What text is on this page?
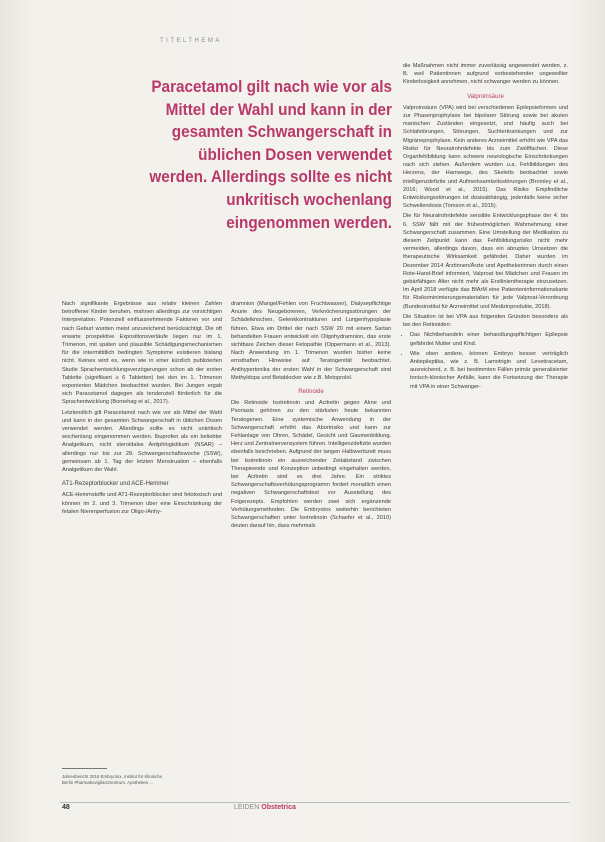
TITELTHEMA
Paracetamol gilt nach wie vor als Mittel der Wahl und kann in der gesamten Schwangerschaft in üblichen Dosen verwendet werden. Allerdings sollte es nicht unkritisch wochenlang eingenommen werden.

Nach signifikante Ergebnisse aus relativ kleinen Zahlen betroffener Kinder beruhen, mahnen allerdings zur vorsichtigen Interpretation. Potenziell einflussnehmende Faktoren vor und nach Geburt wurden meist unzureichend berücksichtigt. Die oft erwarte prospektive Expositionsverläufe liegen nur im 1. Trimenon, mit späten und plausible Schädigungsmechanismen für die intermittitlich bedingten Symptome existieren bislang nicht. Keines wird es, wenn wie in einer kürzlich publizierten Studie Sprachentwicklungsverzögerungen schon ab der ersten Tablette (signifikant ≥ 6 Tabletten) bei den im 1. Trimenon exponierten Mädchen beobachtet wurden. Bei Jungen ergab sich Paracetamol dagegen als tendenziell förderlich für die Sprachentwicklung (Bornehag et al., 2017).

Letztendlich gilt Paracetamol nach wie vor als Mittel der Wahl und kann in der gesamten Schwangerschaft in üblichen Dosen verwendet werden. Allerdings sollte es nicht unkritisch wochenlang eingenommen werden. Ibuprofen als ein beliebter Analgetikum, nicht steroidales Antiphlogistikum (NSAR) – allerdings nur bis zur 28. Schwangerschaftswoche (SSW), gemeinsam ab 1. Tag der letzten Menstruation – ebenfalls Analgetikum der Wahl.

AT1-Rezeptorblocker und ACE-Hemmer

ACE-Hemmstoffe und AT1-Rezeptorblocker sind fetotoxisch und können im 2. und 3. Trimenon über eine Einschränkung der fetalen Nierenperfusion zur Oligo-/Anhy-

dramnion (Mangel/Fehlen von Fruchtwasser), Dialysepflichtige Anurie des Neugeborenen, Verknöcherungsstörungen der Schädelknochen, Gelenkkontrakturen und Lungenhypoplasie führen. Etwa ein Drittel der nach SSW 20 mit einem Sartan behandelten Frauen entwickelt ein Oligohydramnion, das erste sichtbare Zeichen dieser Fetopathie (Oppermann et al., 2013). Nach Anwendung im 1. Trimenon wurden bisher keine ernsthaften Hinweise auf Teratogenität beobachtet. Antihypertonika der ersten Wahl in der Schwangerschaft sind Methyldopa und Betablocker wie z.B. Metoprolol.

Retinoide

Die Retinoide Isotretinoin und Acitretin gegen Akne und Psoriasis gehören zu den stärksten heute bekannten Teratogenen. Eine systemische Anwendung in der Schwangerschaft erhöht das Abortrisiko und kann zur Fehlanlage von Ohren, Schädel, Gesicht und Gaumenbildung, Herz und Zentralnervensystem führen. Intelligenzdefizite wurden ebenfalls beschrieben. Aufgrund der langen Halbwertszeit muss bei Isotretinoin ein ausreichender Zeitabstand zwischen Therapieende und Konzeption unbedingt eingehalten werden, bei Acitretin sind es drei Jahre. Ein striktes Schwangerschaftsverhütungsprogramm fordert monatlich einen negativen Schwangerschaftstest vor Ausstellung des Folgerezepts. Empfohlen werden zwei sich ergänzende Verhütungsmethoden. Die Embryotox weiterhin berichteten Schwangerschaften unter Isotretinoin (Schaefer et al., 2010) deuten darauf hin, dass mehrmals

die Maßnahmen nicht immer zuverlässig angewendet werden, z. B. weil Patientinnen aufgrund vorbestehender ungewollter Kinderlosigkeit annehmen, nicht schwanger werden zu können.

Valproinsäure

Valproinsäure (VPA) wird bei verschiedenen Epilepsieformen und zur Phasenprophylaxe bei bipolarer Störung sowie bei akuten manischen Zuständen eingesetzt, und häufig auch bei Schlafstörungen, Störungen, Suchterkrankungen und zur Migräneprophylaxe. Kein anderes Arzneimittel erhöht wie VPA das Risiko für Neuralrohrdefekte bis zum Zwölffachen. Diese Organfehlbildung kann schwere neurologische Einschränkungen nach sich ziehen. Außerdem wurden u.a. Fehlbildungen des Herzens, der Harnwege, des Skeletts beobachtet sowie intelligenzdefizite und Aufmerksamkeitsstörungen (Bromley et al., 2016; Wood et al., 2015). Das Risiko Empfindliche Entwicklungsstörungen ist dosisabhängig, jedenfalls keine sicher Schwellendosis (Tomson et al., 2015).

Die für Neuralrohrdefekte sensible Entwicklungsphase der 4. bis 6. SSW fällt mit der frühestmöglichen Wahrnehmung einer Schwangerschaft zusammen. Eine Umstellung der Medikation zu diesem Zeitpunkt kann das Fehlbildungsrisiko nicht mehr vermeiden, allerdings davon, dass ein abruptes Umsetzen die therapeutische Wirksamkeit gefährdet. Daher wurden im Dezember 2014 Ärztinnen/Ärzte und Apothekerinnen durch einen Rote-Hand-Brief informiert, Valproat bei Mädchen und Frauen im gebärfähigen Alter nicht mehr als Erstlinientherapie einzusetzen. Im April 2018 verfügte das BfArM eine Patienteninformationskarte für Risikominimierungsmaterialien für jede Valproat-Verordnung (Bundesinstitut für Arzneimittel und Medizinprodukte, 2018).

Die Situation ist bei VPA aus folgenden Gründen besonders als bei den Retinoiden:

• Das Nichtbehandeln einer behandlungspflichtigen Epilepsie gefährdet Mutter und Kind.
• Wie oben andere, können Embryo besser verträglich Antiepileptika, wie z. B. Lamotrigin und Levetiracetam, ausreichend, z. B. bei bestimmten Fällen primär generalisierter tonisch-klonischer Anfälle, kann die Fortsetzung der Therapie mit VPA in einer Schwanger-
Jahresbericht 2016 Embryotox, Institut für Klinische
Berlin Pharmakovigilanzzentrum, Apotheken ...
48	LEIDEN Obstetrica
